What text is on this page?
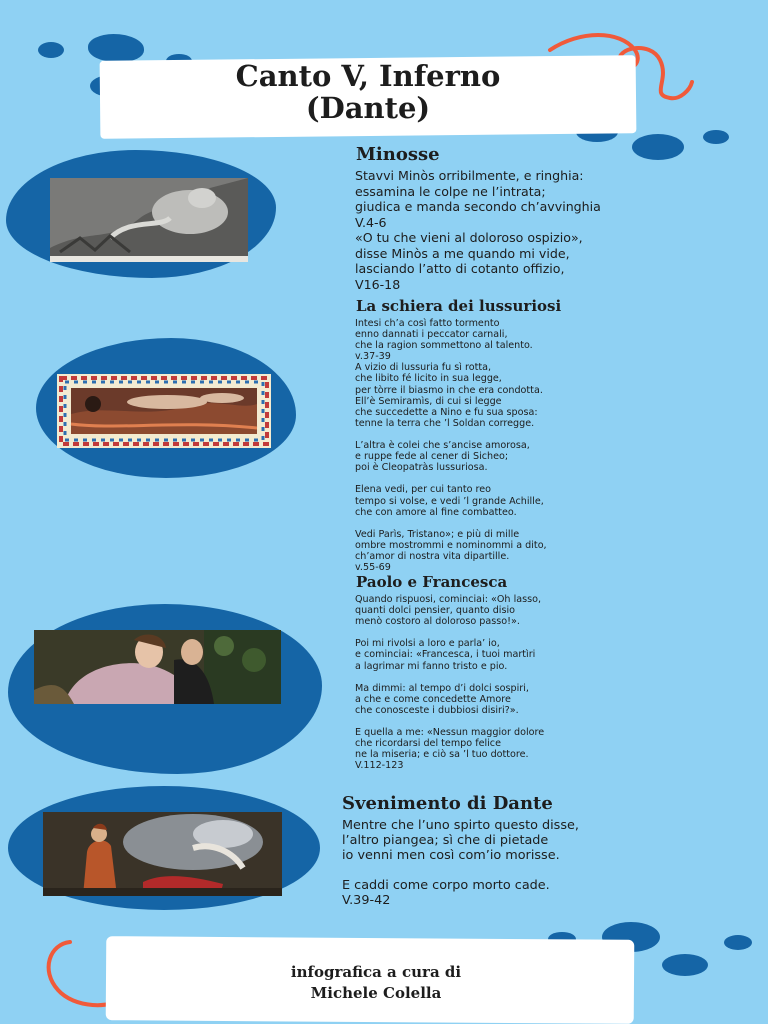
Canto V, Inferno
(Dante)
Minosse

Stavvi Minòs orribilmente, e ringhia:
essamina le colpe ne l’intrata;
giudica e manda secondo ch’avvinghia
V.4-6
«O tu che vieni al doloroso ospizio»,
disse Minòs a me quando mi vide,
lasciando l’atto di cotanto offizio,
V16-18

La schiera dei lussuriosi

Intesi ch’a così fatto tormento
enno dannati i peccator carnali,
che la ragion sommettono al talento.
v.37-39
A vizio di lussuria fu sì rotta,
che libito fé licito in sua legge,
per tòrre il biasmo in che era condotta.
Ell’è Semiramìs, di cui si legge
che succedette a Nino e fu sua sposa:
tenne la terra che ’l Soldan corregge.

L’altra è colei che s’ancise amorosa,
e ruppe fede al cener di Sicheo;
poi è Cleopatràs lussuriosa.

Elena vedi, per cui tanto reo
tempo si volse, e vedi ’l grande Achille,
che con amore al fine combatteo.

Vedi Parìs, Tristano»; e più di mille
ombre mostrommi e nominommi a dito,
ch’amor di nostra vita dipartille.
v.55-69

Paolo e Francesca

Quando rispuosi, cominciai: «Oh lasso,
quanti dolci pensier, quanto disio
menò costoro al doloroso passo!».

Poi mi rivolsi a loro e parla’ io,
e cominciai: «Francesca, i tuoi martìri
a lagrimar mi fanno tristo e pio.

Ma dimmi: al tempo d’i dolci sospiri,
a che e come concedette Amore
che conosceste i dubbiosi disiri?».

E quella a me: «Nessun maggior dolore
che ricordarsi del tempo felice
ne la miseria; e ciò sa ’l tuo dottore.
V.112-123

Svenimento di Dante

Mentre che l’uno spirto questo disse,
l’altro piangea; sì che di pietade
io venni men così com’io morisse.

E caddi come corpo morto cade.
V.39-42

infografica a cura di

Michele Colella
